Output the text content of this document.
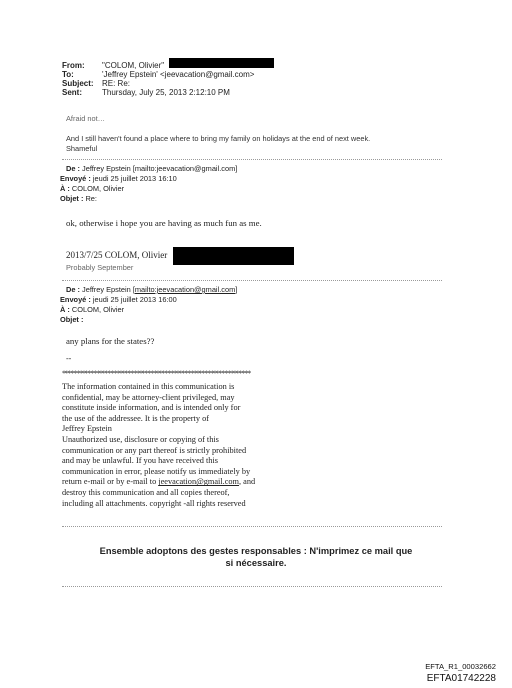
From: "COLOM, Olivier"
To:	'Jeffrey Epstein' <jeevacation@gmail.com>
Subject: RE: Re:
Sent:	Thursday, July 25, 2013 2:12:10 PM
Afraid not…
And I still haven't found a place where to bring my family on holidays at the end of next week.
Shameful
De : Jeffrey Epstein [mailto:jeevacation@gmail.com]
Envoyé : jeudi 25 juillet 2013 16:10
À : COLOM, Olivier
Objet : Re:
ok, otherwise i hope you are having as much fun as me.
2013/7/25 COLOM, Olivier
Probably September
De : Jeffrey Epstein [mailto:jeevacation@gmail.com]
Envoyé : jeudi 25 juillet 2013 16:00
À : COLOM, Olivier
Objet :
any plans for the states??
--
******************************************************************
The information contained in this communication is
confidential, may be attorney-client privileged, may
constitute inside information, and is intended only for
the use of the addressee. It is the property of
Jeffrey Epstein
Unauthorized use, disclosure or copying of this
communication or any part thereof is strictly prohibited
and may be unlawful. If you have received this
communication in error, please notify us immediately by
return e-mail or by e-mail to jeevacation@gmail.com, and
destroy this communication and all copies thereof,
including all attachments. copyright -all rights reserved
Ensemble adoptons des gestes responsables : N'imprimez ce mail que
si nécessaire.
EFTA_R1_00032662
EFTA01742228
